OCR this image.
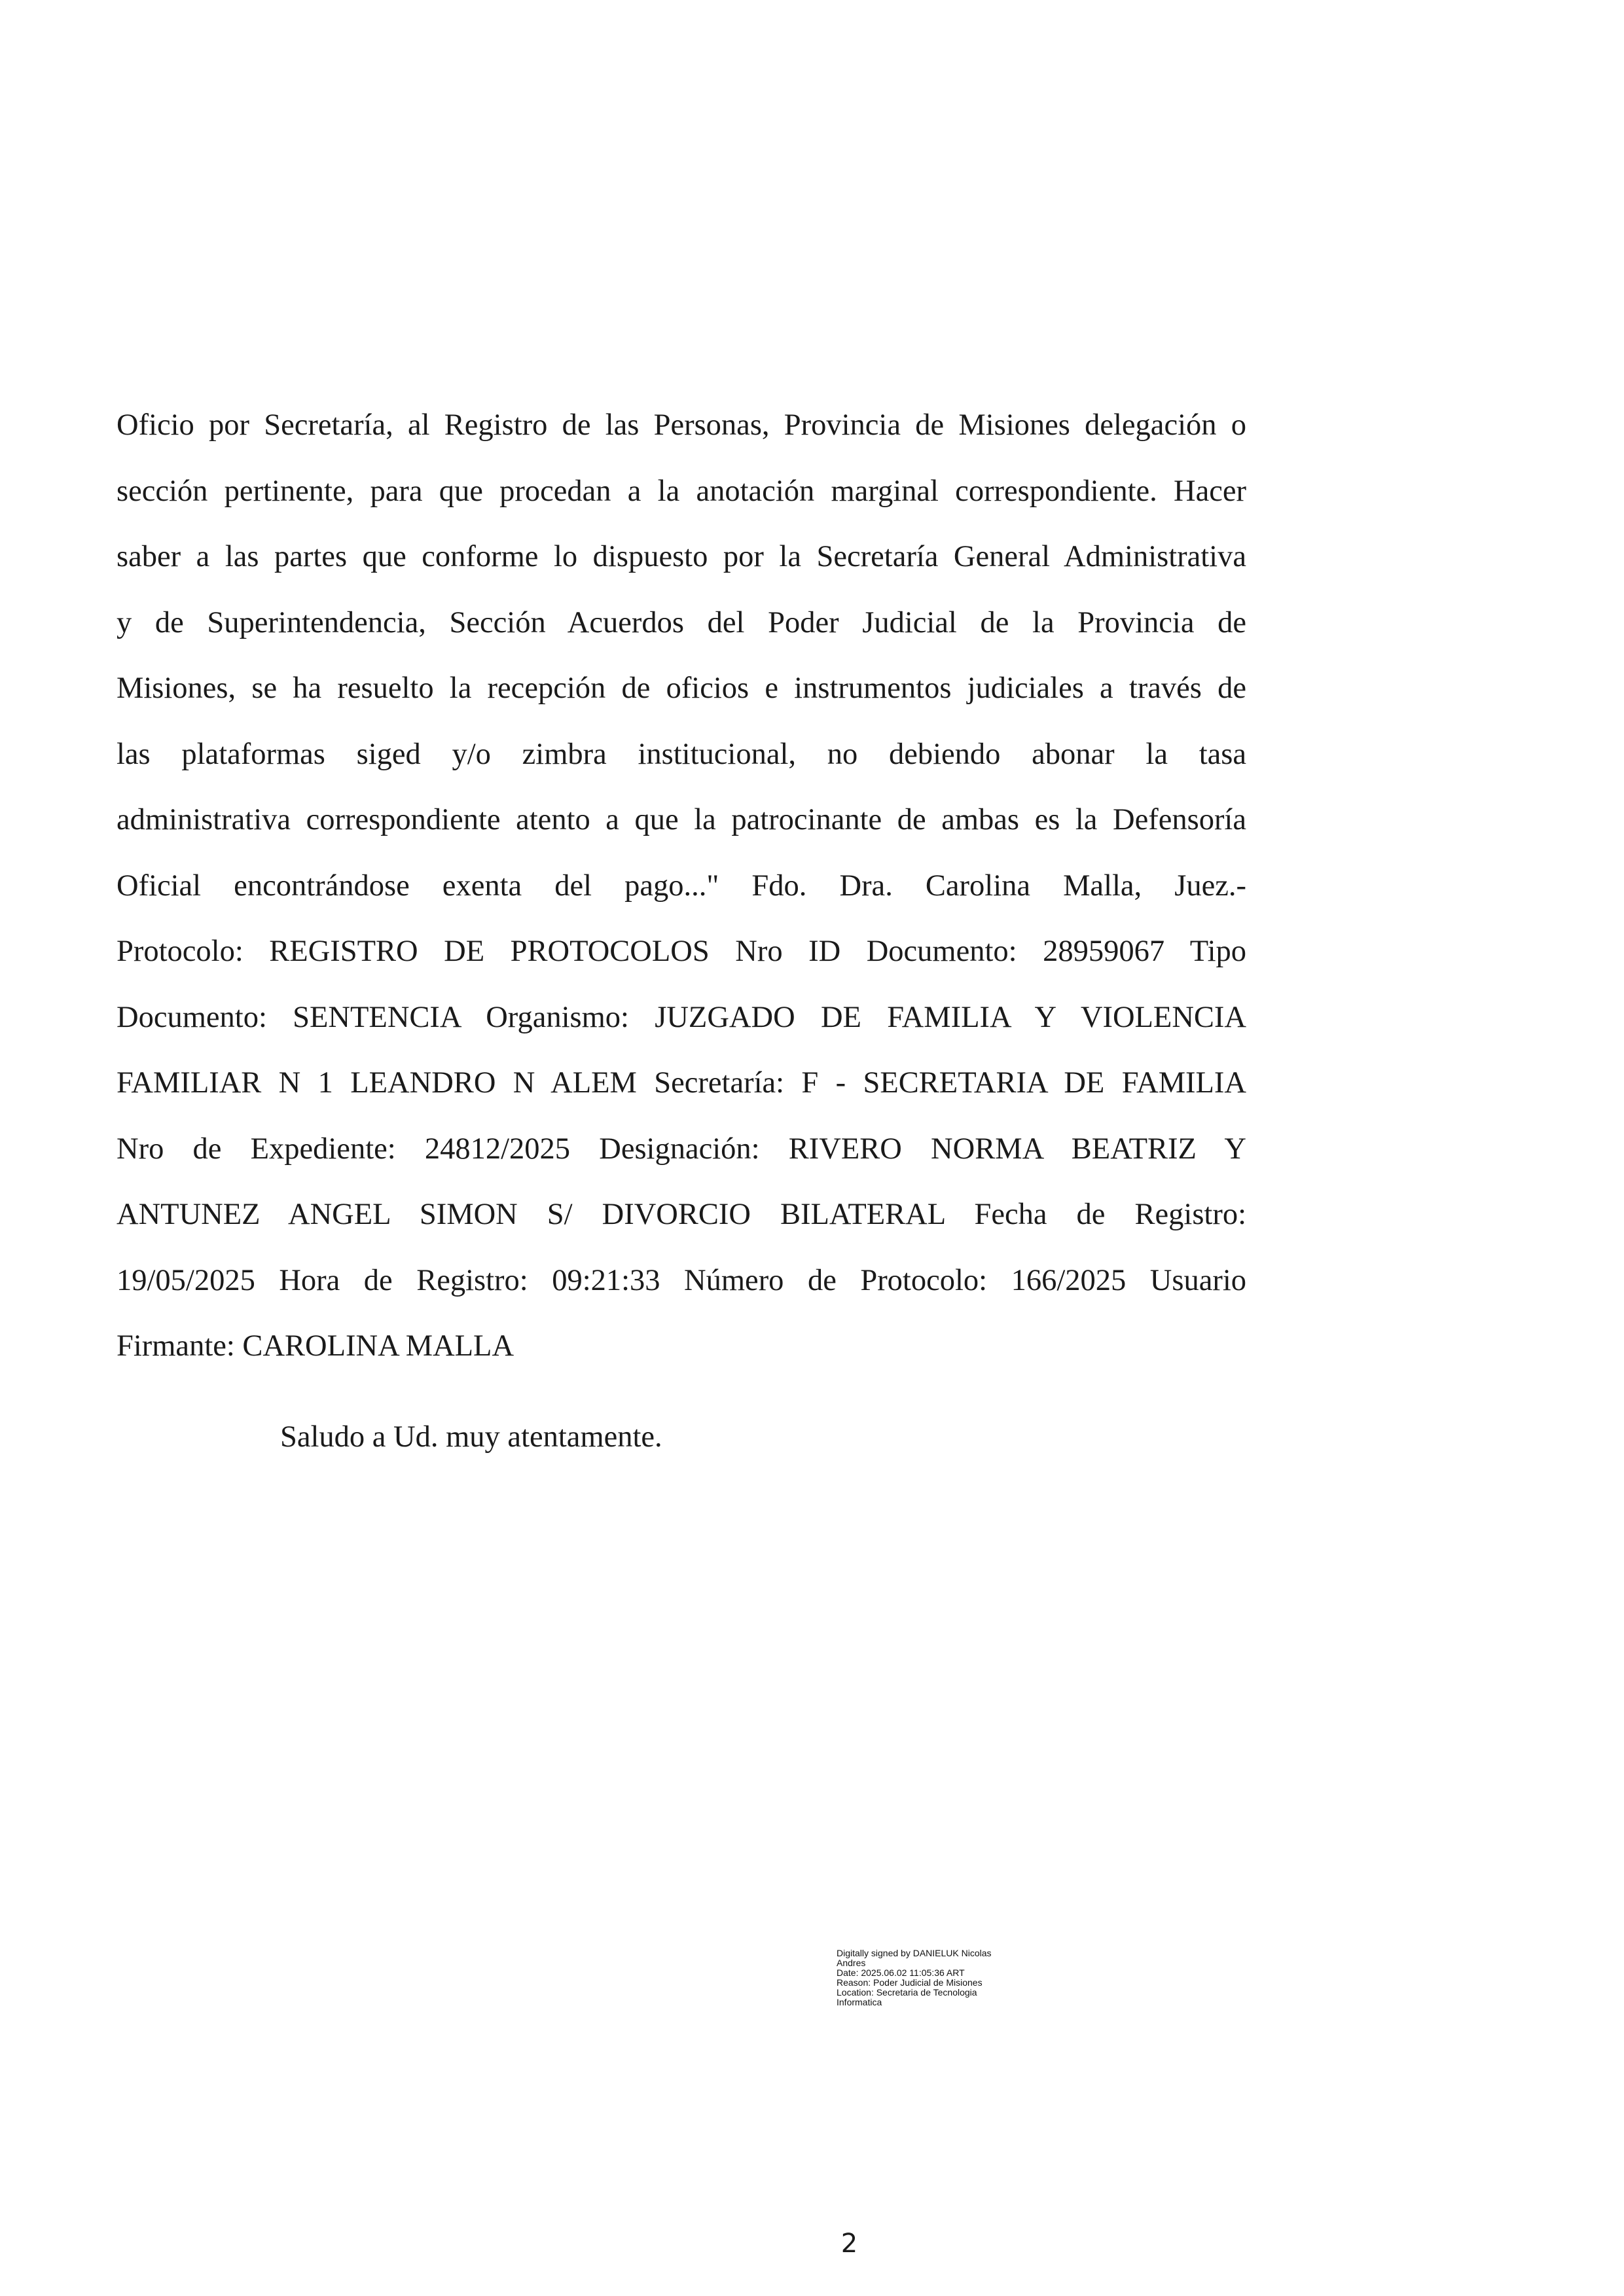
Oficio por Secretaría, al Registro de las Personas, Provincia de Misiones delegación o
sección pertinente, para que procedan a la anotación marginal correspondiente. Hacer
saber a las partes que conforme lo dispuesto por la Secretaría General Administrativa
y de Superintendencia, Sección Acuerdos del Poder Judicial de la Provincia de
Misiones, se ha resuelto la recepción de oficios e instrumentos judiciales a través de
las plataformas siged y/o zimbra institucional, no debiendo abonar la tasa
administrativa correspondiente atento a que la patrocinante de ambas es la Defensoría
Oficial encontrándose exenta del pago..." Fdo. Dra. Carolina Malla, Juez.-
Protocolo: REGISTRO DE PROTOCOLOS Nro ID Documento: 28959067 Tipo
Documento: SENTENCIA Organismo: JUZGADO DE FAMILIA Y VIOLENCIA
FAMILIAR N 1 LEANDRO N ALEM Secretaría: F - SECRETARIA DE FAMILIA
Nro de Expediente: 24812/2025 Designación: RIVERO NORMA BEATRIZ Y
ANTUNEZ ANGEL SIMON S/ DIVORCIO BILATERAL Fecha de Registro:
19/05/2025 Hora de Registro: 09:21:33 Número de Protocolo: 166/2025 Usuario
Firmante: CAROLINA MALLA

Saludo a Ud. muy atentamente.

Digitally signed by DANIELUK Nicolas
Andres
Date: 2025.06.02 11:05:36 ART
Reason: Poder Judicial de Misiones
Location: Secretaria de Tecnologia
Informatica
2
